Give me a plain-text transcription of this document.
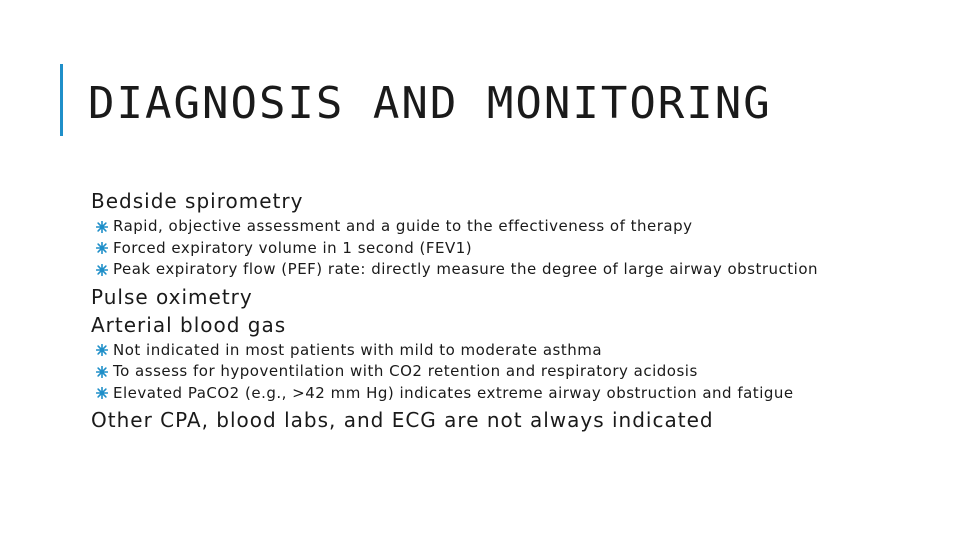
DIAGNOSIS AND MONITORING
Bedside spirometry
Rapid, objective assessment and a guide to the effectiveness of therapy
Forced expiratory volume in 1 second (FEV1)
Peak expiratory flow (PEF) rate: directly measure the degree of large airway obstruction
Pulse oximetry
Arterial blood gas
Not indicated in most patients with mild to moderate asthma
To assess for hypoventilation with CO2 retention and respiratory acidosis
Elevated PaCO2 (e.g., >42 mm Hg) indicates extreme airway obstruction and fatigue
Other CPA, blood labs, and ECG are not always indicated
